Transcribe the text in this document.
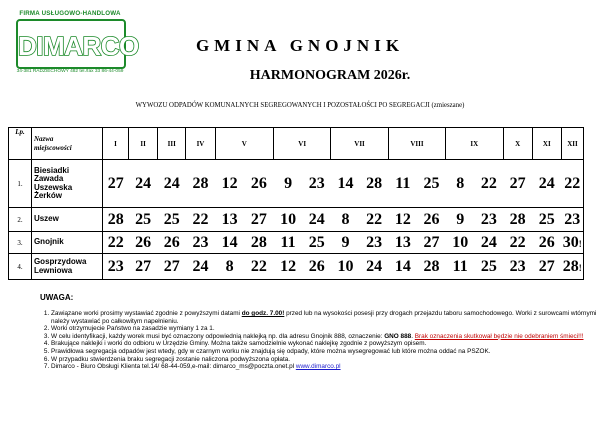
FIRMA USŁUGOWO-HANDLOWA
DIMARCO
34-381 RADZIECHOWY 482 tel./fax 33 86-44-059
GMINA GNOJNIK
HARMONOGRAM 2026r.
WYWOZU ODPADÓW KOMUNALNYCH SEGREGOWANYCH I POZOSTAŁOŚCI PO SEGREGACJI (zmieszane)
Lp.	Nazwa
miejscowości	I	II	III	IV	V		VI		VII		VIII		IX		X	XI	XII
1.	Biesiadki
Zawada
Uszewska
Żerków	27	24	24	28	12	26	9	23	14	28	11	25	8	22	27	24	22
2.	Uszew	28	25	25	22	13	27	10	24	8	22	12	26	9	23	28	25	23
3.	Gnojnik	22	26	26	23	14	28	11	25	9	23	13	27	10	24	22	26	30!
4.	Gosprzydowa
Lewniowa	23	27	27	24	8	22	12	26	10	24	14	28	11	25	23	27	28!
UWAGA:
1. Zawiązane worki prosimy wystawiać zgodnie z powyższymi datami do godz. 7.00! przed lub na wysokości posesji przy drogach przejazdu taboru samochodowego. Worki z surowcami wtórnymi należy wystawiać po całkowitym napełnieniu.
2. Worki otrzymujecie Państwo na zasadzie wymiany 1 za 1.
3. W celu identyfikacji, każdy worek musi być oznaczony odpowiednią naklejką np. dla adresu Gnojnik 888, oznaczenie: GNO 888. Brak oznaczenia skutkował będzie nie odebraniem śmieci!!!
4. Brakujące naklejki i worki do odbioru w Urzędzie Gminy. Można także samodzielnie wykonać naklejkę zgodnie z powyższym opisem.
5. Prawidłowa segregacja odpadów jest wtedy, gdy w czarnym worku nie znajdują się odpady, które można wysegregować lub które można oddać na PSZOK.
6. W przypadku stwierdzenia braku segregacji zostanie naliczona podwyższona opłata.
7. Dimarco - Biuro Obsługi Klienta tel.14/ 68-44-059,e-mail: dimarco_ms@poczta.onet.pl www.dimarco.pl
